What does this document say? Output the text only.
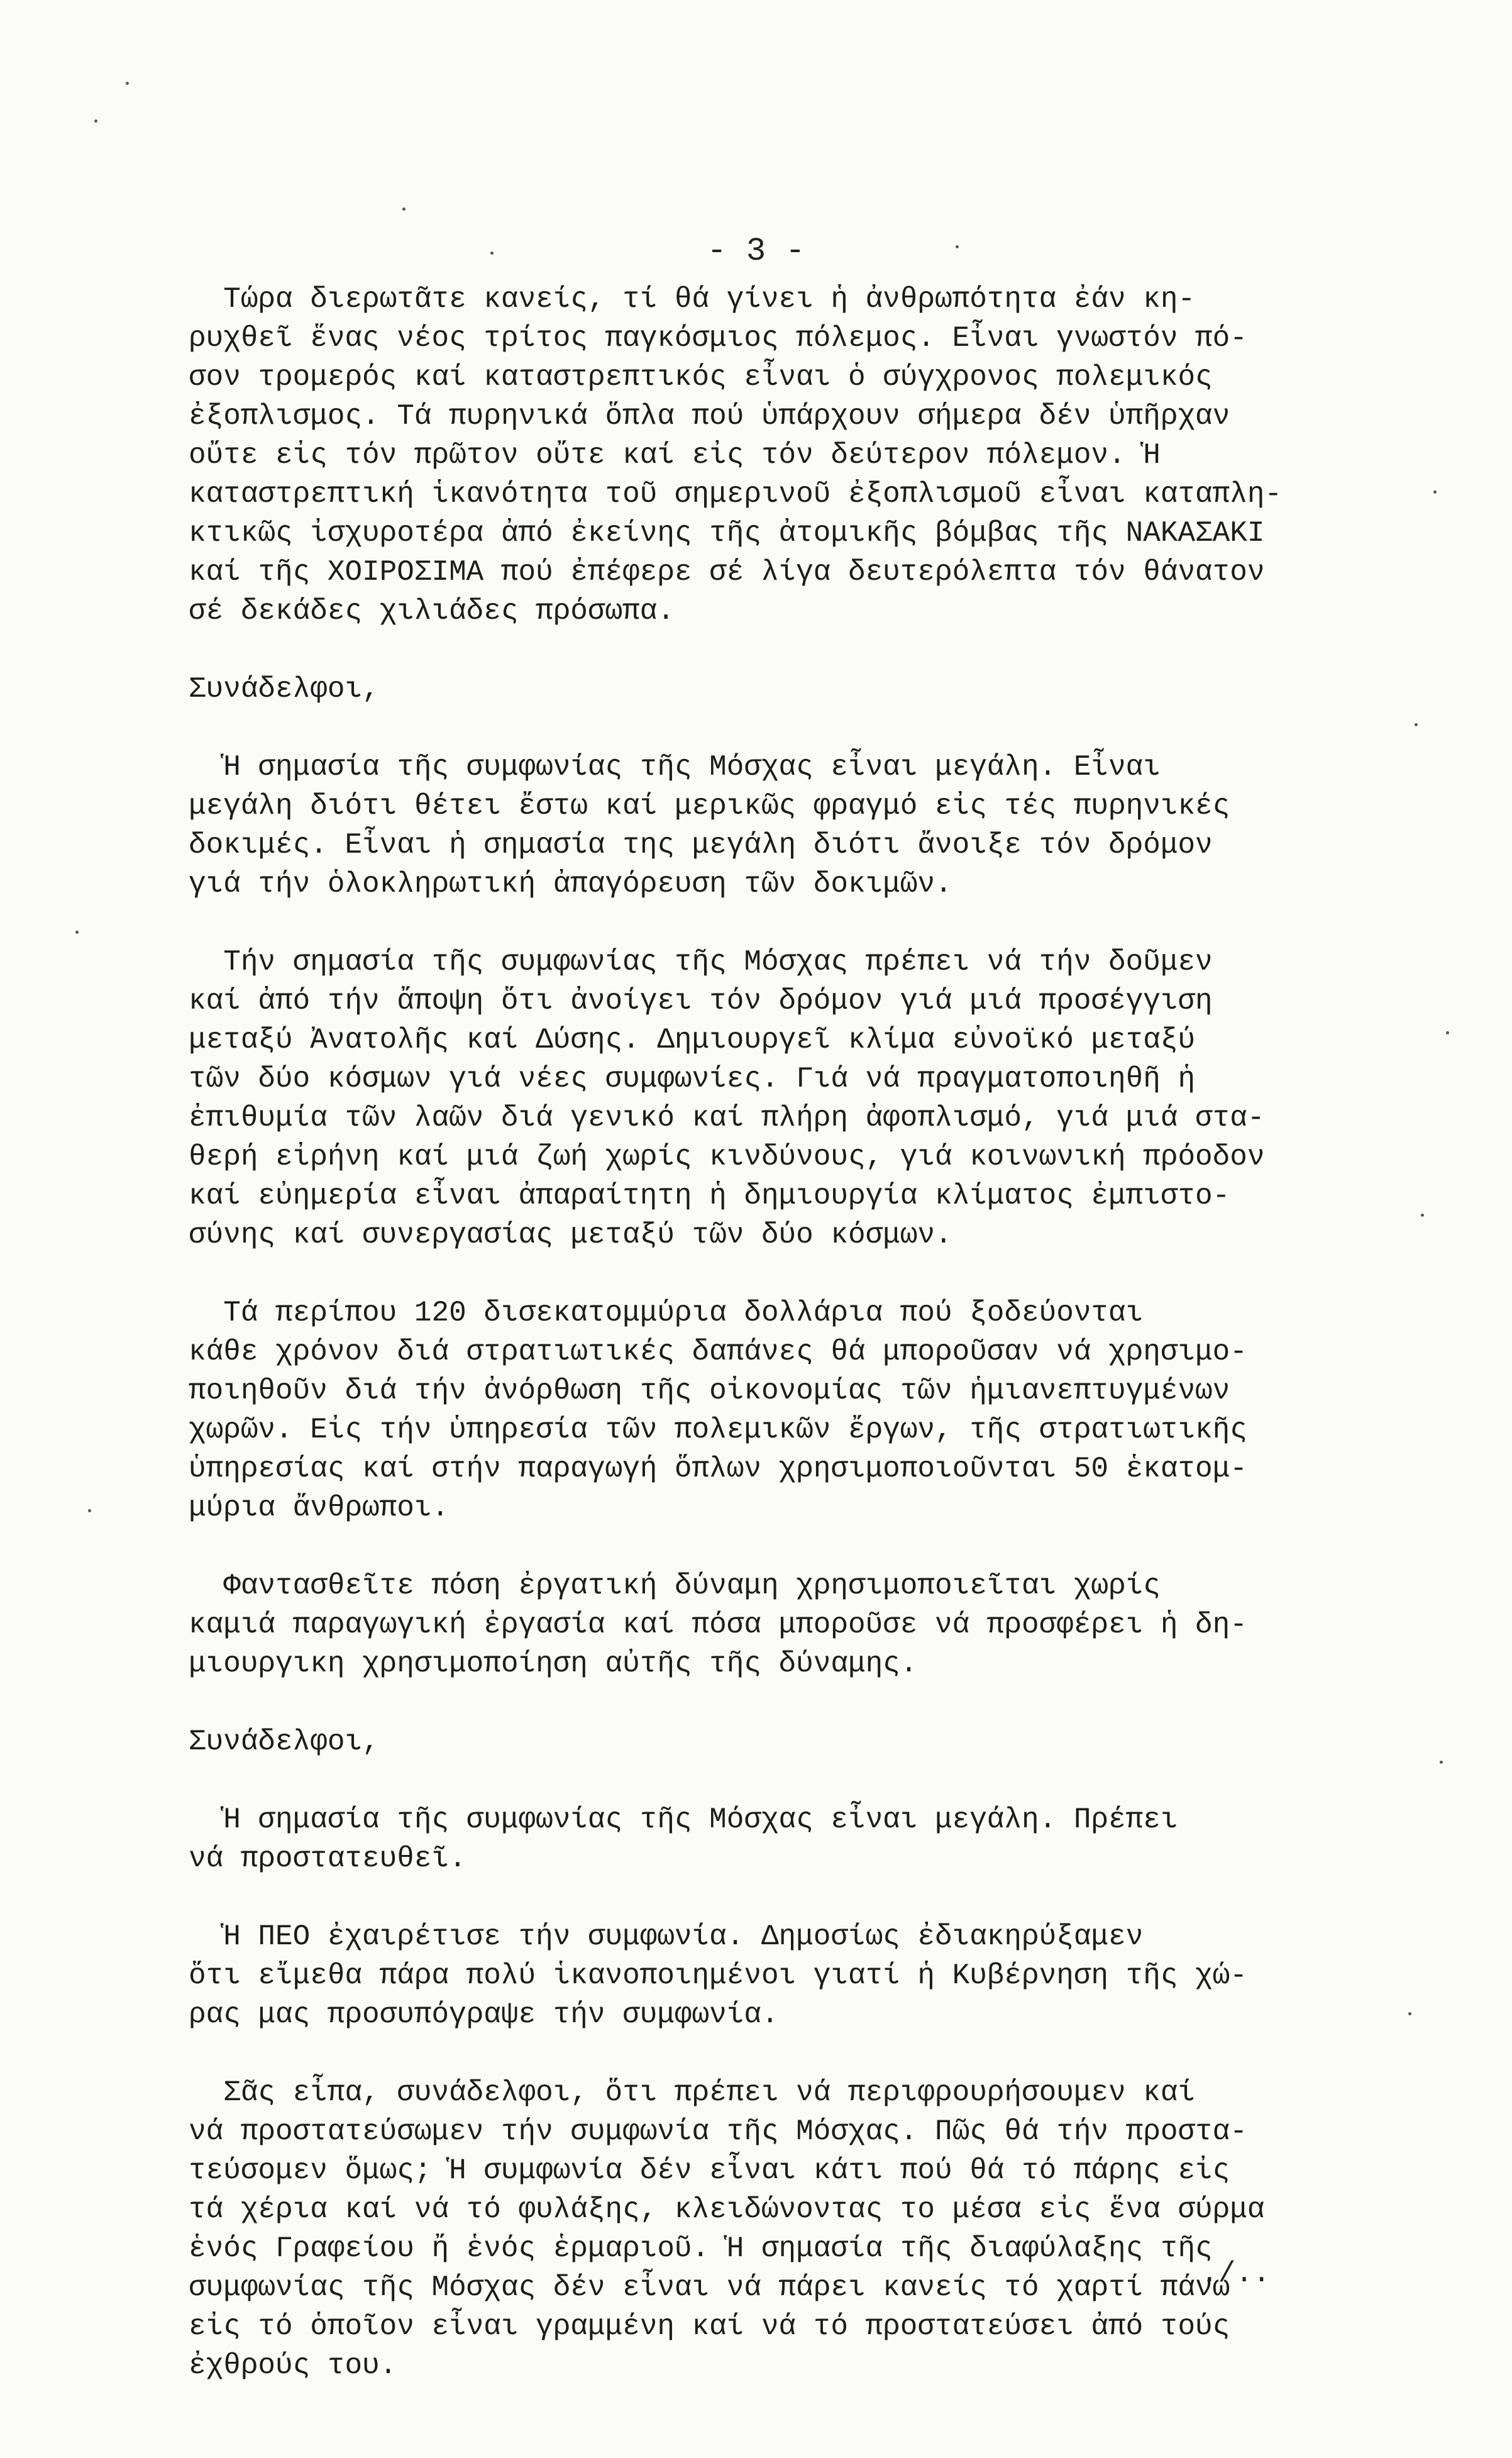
- 3 -
Τώρα διερωτᾶτε κανείς, τί θά γίνει ἡ ἀνθρωπότητα ἐάν κη-
ρυχθεῖ ἕνας νέος τρίτος παγκόσμιος πόλεμος. Εἶναι γνωστόν πό-
σον τρομερός καί καταστρεπτικός εἶναι ὁ σύγχρονος πολεμικός
ἐξοπλισμος. Τά πυρηνικά ὅπλα πού ὑπάρχουν σήμερα δέν ὑπῆρχαν
οὔτε εἰς τόν πρῶτον οὔτε καί εἰς τόν δεύτερον πόλεμον. Ἡ
καταστρεπτική ἱκανότητα τοῦ σημερινοῦ ἐξοπλισμοῦ εἶναι καταπλη-
κτικῶς ἰσχυροτέρα ἀπό ἐκείνης τῆς ἀτομικῆς βόμβας τῆς ΝΑΚΑΣΑΚΙ
καί τῆς ΧΟΙΡΟΣΙΜΑ πού ἐπέφερε σέ λίγα δευτερόλεπτα τόν θάνατον
σέ δεκάδες χιλιάδες πρόσωπα.
Συνάδελφοι,
Ἡ σημασία τῆς συμφωνίας τῆς Μόσχας εἶναι μεγάλη. Εἶναι
μεγάλη διότι θέτει ἔστω καί μερικῶς φραγμό εἰς τές πυρηνικές
δοκιμές. Εἶναι ἡ σημασία της μεγάλη διότι ἄνοιξε τόν δρόμον
γιά τήν ὁλοκληρωτική ἀπαγόρευση τῶν δοκιμῶν.
Τήν σημασία τῆς συμφωνίας τῆς Μόσχας πρέπει νά τήν δοῦμεν
καί ἀπό τήν ἄποψη ὅτι ἀνοίγει τόν δρόμον γιά μιά προσέγγιση
μεταξύ Ἀνατολῆς καί Δύσης. Δημιουργεῖ κλίμα εὐνοϊκό μεταξύ
τῶν δύο κόσμων γιά νέες συμφωνίες. Γιά νά πραγματοποιηθῆ ἡ
ἐπιθυμία τῶν λαῶν διά γενικό καί πλήρη ἀφοπλισμό, γιά μιά στα-
θερή εἰρήνη καί μιά ζωή χωρίς κινδύνους, γιά κοινωνική πρόοδον
καί εὐημερία εἶναι ἀπαραίτητη ἡ δημιουργία κλίματος ἐμπιστο-
σύνης καί συνεργασίας μεταξύ τῶν δύο κόσμων.
Τά περίπου 120 δισεκατομμύρια δολλάρια πού ξοδεύονται
κάθε χρόνον διά στρατιωτικές δαπάνες θά μποροῦσαν νά χρησιμο-
ποιηθοῦν διά τήν ἀνόρθωση τῆς οἰκονομίας τῶν ἡμιανεπτυγμένων
χωρῶν. Εἰς τήν ὑπηρεσία τῶν πολεμικῶν ἔργων, τῆς στρατιωτικῆς
ὑπηρεσίας καί στήν παραγωγή ὅπλων χρησιμοποιοῦνται 50 ἑκατομ-
μύρια ἄνθρωποι.
Φαντασθεῖτε πόση ἐργατική δύναμη χρησιμοποιεῖται χωρίς
καμιά παραγωγική ἐργασία καί πόσα μποροῦσε νά προσφέρει ἡ δη-
μιουργικη χρησιμοποίηση αὐτῆς τῆς δύναμης.
Συνάδελφοι,
Ἡ σημασία τῆς συμφωνίας τῆς Μόσχας εἶναι μεγάλη. Πρέπει
νά προστατευθεῖ.
Ἡ ΠΕΟ ἐχαιρέτισε τήν συμφωνία. Δημοσίως ἐδιακηρύξαμεν
ὅτι εἴμεθα πάρα πολύ ἱκανοποιημένοι γιατί ἡ Κυβέρνηση τῆς χώ-
ρας μας προσυπόγραψε τήν συμφωνία.
Σᾶς εἶπα, συνάδελφοι, ὅτι πρέπει νά περιφρουρήσουμεν καί
νά προστατεύσωμεν τήν συμφωνία τῆς Μόσχας. Πῶς θά τήν προστα-
τεύσομεν ὅμως; Ἡ συμφωνία δέν εἶναι κάτι πού θά τό πάρης εἰς
τά χέρια καί νά τό φυλάξης, κλειδώνοντας το μέσα εἰς ἕνα σύρμα
ἑνός Γραφείου ἤ ἑνός ἑρμαριοῦ. Ἡ σημασία τῆς διαφύλαξης τῆς
συμφωνίας τῆς Μόσχας δέν εἶναι νά πάρει κανείς τό χαρτί πάνω
εἰς τό ὁποῖον εἶναι γραμμένη καί νά τό προστατεύσει ἀπό τούς
ἐχθρούς του.
./..
